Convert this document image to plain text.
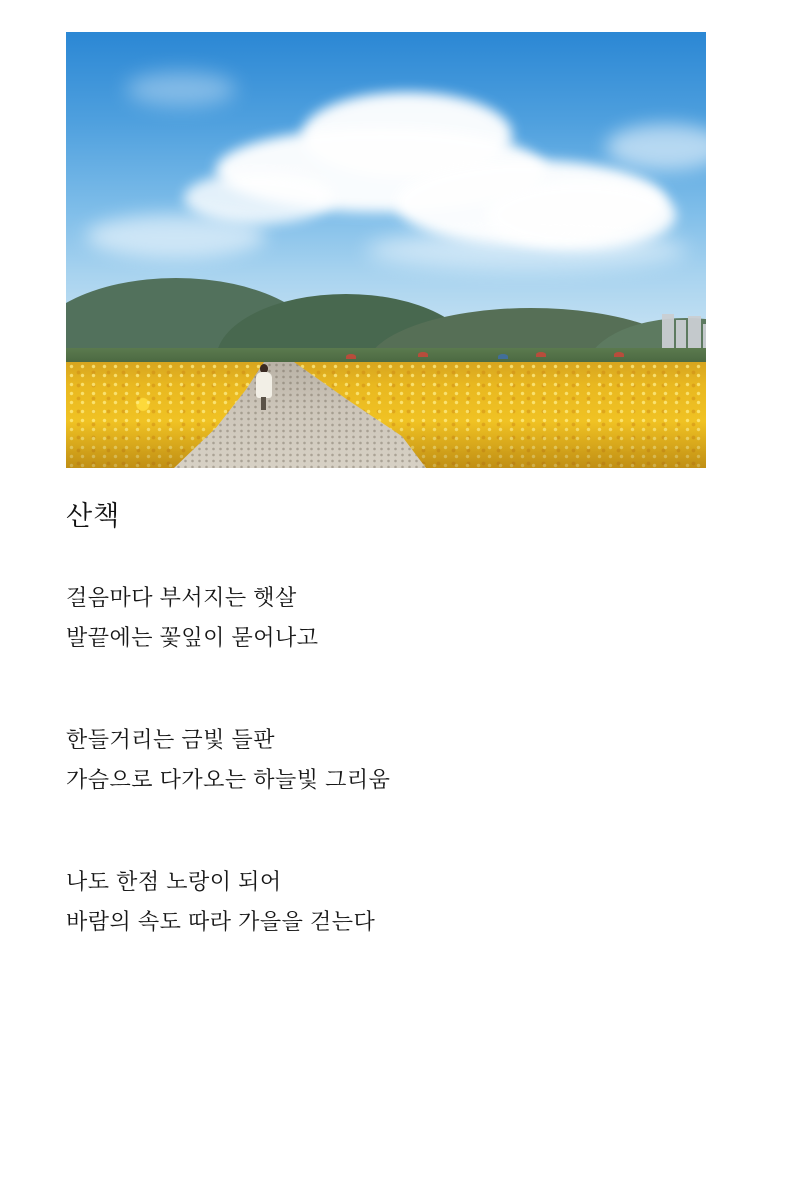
산책
걸음마다 부서지는 햇살
발끝에는 꽃잎이 묻어나고
한들거리는 금빛 들판
가슴으로 다가오는 하늘빛 그리움
나도 한점 노랑이 되어
바람의 속도 따라 가을을 걷는다
